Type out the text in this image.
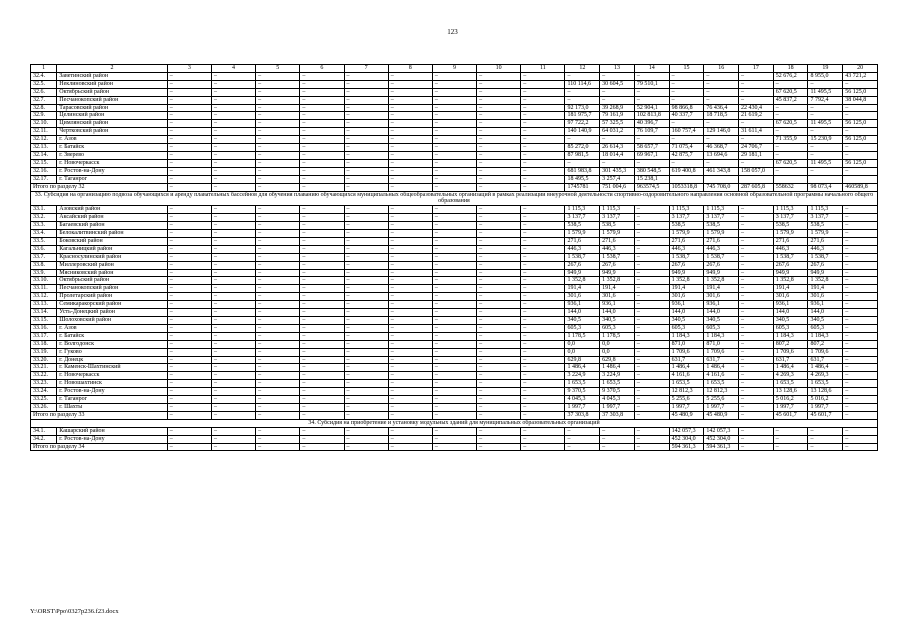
123
1	2	3	4	5	6	7	8	9	10	11	12	13	14	15	16	17	18	19	20
32.4.	Заветинский район	–	–	–	–	–	–	–	–	–	–	–	–	–	–	–	52 676,2	8 955,0	43 721,2
32.5.	Неклиновский район	–	–	–	–	–	–	–	–	–	110 114,6	30 604,5	79 510,1	–	–	–	–	–	–
32.6.	Октябрьский район	–	–	–	–	–	–	–	–	–	–	–	–	–	–	–	67 620,5	11 495,5	56 125,0
32.7.	Песчанокопский район	–	–	–	–	–	–	–	–	–	–	–	–	–	–	–	45 837,2	7 792,4	38 044,8
32.8.	Тарасовский район	–	–	–	–	–	–	–	–	–	92 173,0	39 268,9	52 904,1	98 866,8	76 436,4	22 430,4	–	–	–
32.9.	Целинский район	–	–	–	–	–	–	–	–	–	181 975,7	79 161,9	102 813,8	40 337,7	18 718,5	21 619,2	–	–	–
32.10.	Цимлянский район	–	–	–	–	–	–	–	–	–	97 722,2	57 325,5	40 396,7	–	–	–	67 620,5	11 495,5	56 125,0
32.11.	Чертковский район	–	–	–	–	–	–	–	–	–	140 140,9	64 031,2	76 109,7	160 757,4	129 146,0	31 611,4	–	–	–
32.12.	г. Азов	–	–	–	–	–	–	–	–	–	–	–	–	–	–	–	71 355,9	15 230,9	56 125,0
32.13.	г. Батайск	–	–	–	–	–	–	–	–	–	85 272,0	26 614,3	58 657,7	71 075,4	46 368,7	24 706,7	–	–	–
32.14.	г. Зверево	–	–	–	–	–	–	–	–	–	87 981,5	18 014,4	69 967,1	42 875,7	13 694,6	29 181,1	–	–	–
32.15.	г. Новочеркасск	–	–	–	–	–	–	–	–	–	–	–	–	–	–	–	67 620,5	11 495,5	56 125,0
32.16.	г. Ростов-на-Дону	–	–	–	–	–	–	–	–	–	681 983,8	301 435,3	380 548,5	619 400,8	461 343,8	158 057,0	–	–	–
32.17.	г. Таганрог	–	–	–	–	–	–	–	–	–	18 495,5	3 257,4	15 238,1						
Итого по разделу 32		–	–	–	–	–	–	–	–	–	1745781	751 004,6	963574,5	1053318,8	745 708,0	287 605,8	558632	98 073,4	460589,8
33. Субсидия на организацию подвоза обучающихся и аренду плавательных бассейнов для обучения плаванию обучающихся муниципальных общеобразовательных организаций в рамках реализации внеурочной деятельности спортивно-оздоровительного направления основной образовательной программы начального общего образования																			
33.1.	Азовский район	–	–	–	–	–	–	–	–	–	1 115,3	1 115,3	–	1 115,3	1 115,3	–	1 115,3	1 115,3	–
33.2.	Аксайский район	–	–	–	–	–	–	–	–	–	3 137,7	3 137,7	–	3 137,7	3 137,7	–	3 137,7	3 137,7	–
33.3.	Багаевский район	–	–	–	–	–	–	–	–	–	538,5	538,5	–	538,5	538,5	–	538,5	538,5	–
33.4.	Белокалитвинский район	–	–	–	–	–	–	–	–	–	1 579,9	1 579,9	–	1 579,9	1 579,9	–	1 579,9	1 579,9	–
33.5.	Боковский район	–	–	–	–	–	–	–	–	–	271,6	271,6	–	271,6	271,6	–	271,6	271,6	–
33.6.	Кагальницкий район	–	–	–	–	–	–	–	–	–	446,3	446,3	–	446,3	446,3	–	446,3	446,3	–
33.7.	Красносулинский район	–	–	–	–	–	–	–	–	–	1 538,7	1 538,7	–	1 538,7	1 538,7	–	1 538,7	1 538,7	–
33.8.	Миллеровский район	–	–	–	–	–	–	–	–	–	267,6	267,6	–	267,6	267,6	–	267,6	267,6	–
33.9.	Мясниковский район	–	–	–	–	–	–	–	–	–	949,9	949,9	–	949,9	949,9	–	949,9	949,9	–
33.10.	Октябрьский район	–	–	–	–	–	–	–	–	–	1 352,8	1 352,8	–	1 352,8	1 352,8	–	1 352,8	1 352,8	–
33.11.	Песчанокопский район	–	–	–	–	–	–	–	–	–	191,4	191,4	–	191,4	191,4	–	191,4	191,4	–
33.12.	Пролетарский район	–	–	–	–	–	–	–	–	–	301,6	301,6	–	301,6	301,6	–	301,6	301,6	–
33.13.	Семикаракорский район	–	–	–	–	–	–	–	–	–	936,1	936,1	–	936,1	936,1	–	936,1	936,1	–
33.14.	Усть-Донецкий район	–	–	–	–	–	–	–	–	–	144,0	144,0	–	144,0	144,0	–	144,0	144,0	–
33.15.	Шолоховский район	–	–	–	–	–	–	–	–	–	340,5	340,5	–	340,5	340,5	–	340,5	340,5	–
33.16.	г. Азов	–	–	–	–	–	–	–	–	–	605,3	605,3	–	605,3	605,3	–	605,3	605,3	–
33.17.	г. Батайск	–	–	–	–	–	–	–	–	–	1 178,5	1 178,5	–	1 184,3	1 184,3	–	1 184,3	1 184,3	–
33.18.	г. Волгодонск	–	–	–	–	–	–	–	–	–	0,0	0,0	–	871,0	871,0	–	807,2	807,2	–
33.19.	г. Гуково	–	–	–	–	–	–	–	–	–	0,0	0,0	–	1 709,6	1 709,6	–	1 709,6	1 709,6	–
33.20.	г. Донецк	–	–	–	–	–	–	–	–	–	629,8	629,8	–	631,7	631,7	–	631,7	631,7	–
33.21.	г. Каменск-Шахтинский	–	–	–	–	–	–	–	–	–	1 486,4	1 486,4	–	1 486,4	1 486,4	–	1 486,4	1 486,4	–
33.22.	г. Новочеркасск	–	–	–	–	–	–	–	–	–	3 224,9	3 224,9	–	4 161,6	4 161,6	–	4 269,3	4 269,3	–
33.23.	г. Новошахтинск	–	–	–	–	–	–	–	–	–	1 653,5	1 653,5	–	1 653,5	1 653,5	–	1 653,5	1 653,5	–
33.24.	г. Ростов-на-Дону	–	–	–	–	–	–	–	–	–	9 370,5	9 370,5	–	12 812,3	12 812,3	–	13 128,6	13 128,6	–
33.25.	г. Таганрог	–	–	–	–	–	–	–	–	–	4 045,3	4 045,3	–	5 255,6	5 255,6	–	5 016,2	5 016,2	–
33.26.	г. Шахты	–	–	–	–	–	–	–	–	–	1 997,7	1 997,7	–	1 997,7	1 997,7	–	1 997,7	1 997,7	–
Итого по разделу 33		–	–	–	–	–	–	–	–	–	37 303,8	37 303,8	–	45 480,9	45 480,9	–	45 601,7	45 601,7	–
34. Субсидия на приобретение и установку модульных зданий для муниципальных образовательных организаций																			
34.1.	Кашарский район	–	–	–	–	–	–	–	–	–	–	–	–	142 057,3	142 057,3	–	–	–	–
34.2.	г. Ростов-на-Дону	–	–	–	–	–	–	–	–	–	–	–	–	452 304,0	452 304,0	–	–	–	–
Итого по разделу 34		–	–	–	–	–	–	–	–	–	–	–	–	594 361,3	594 361,3	–	–	–	–
Y:\ORST\Ppo\0327p236.f23.docx
